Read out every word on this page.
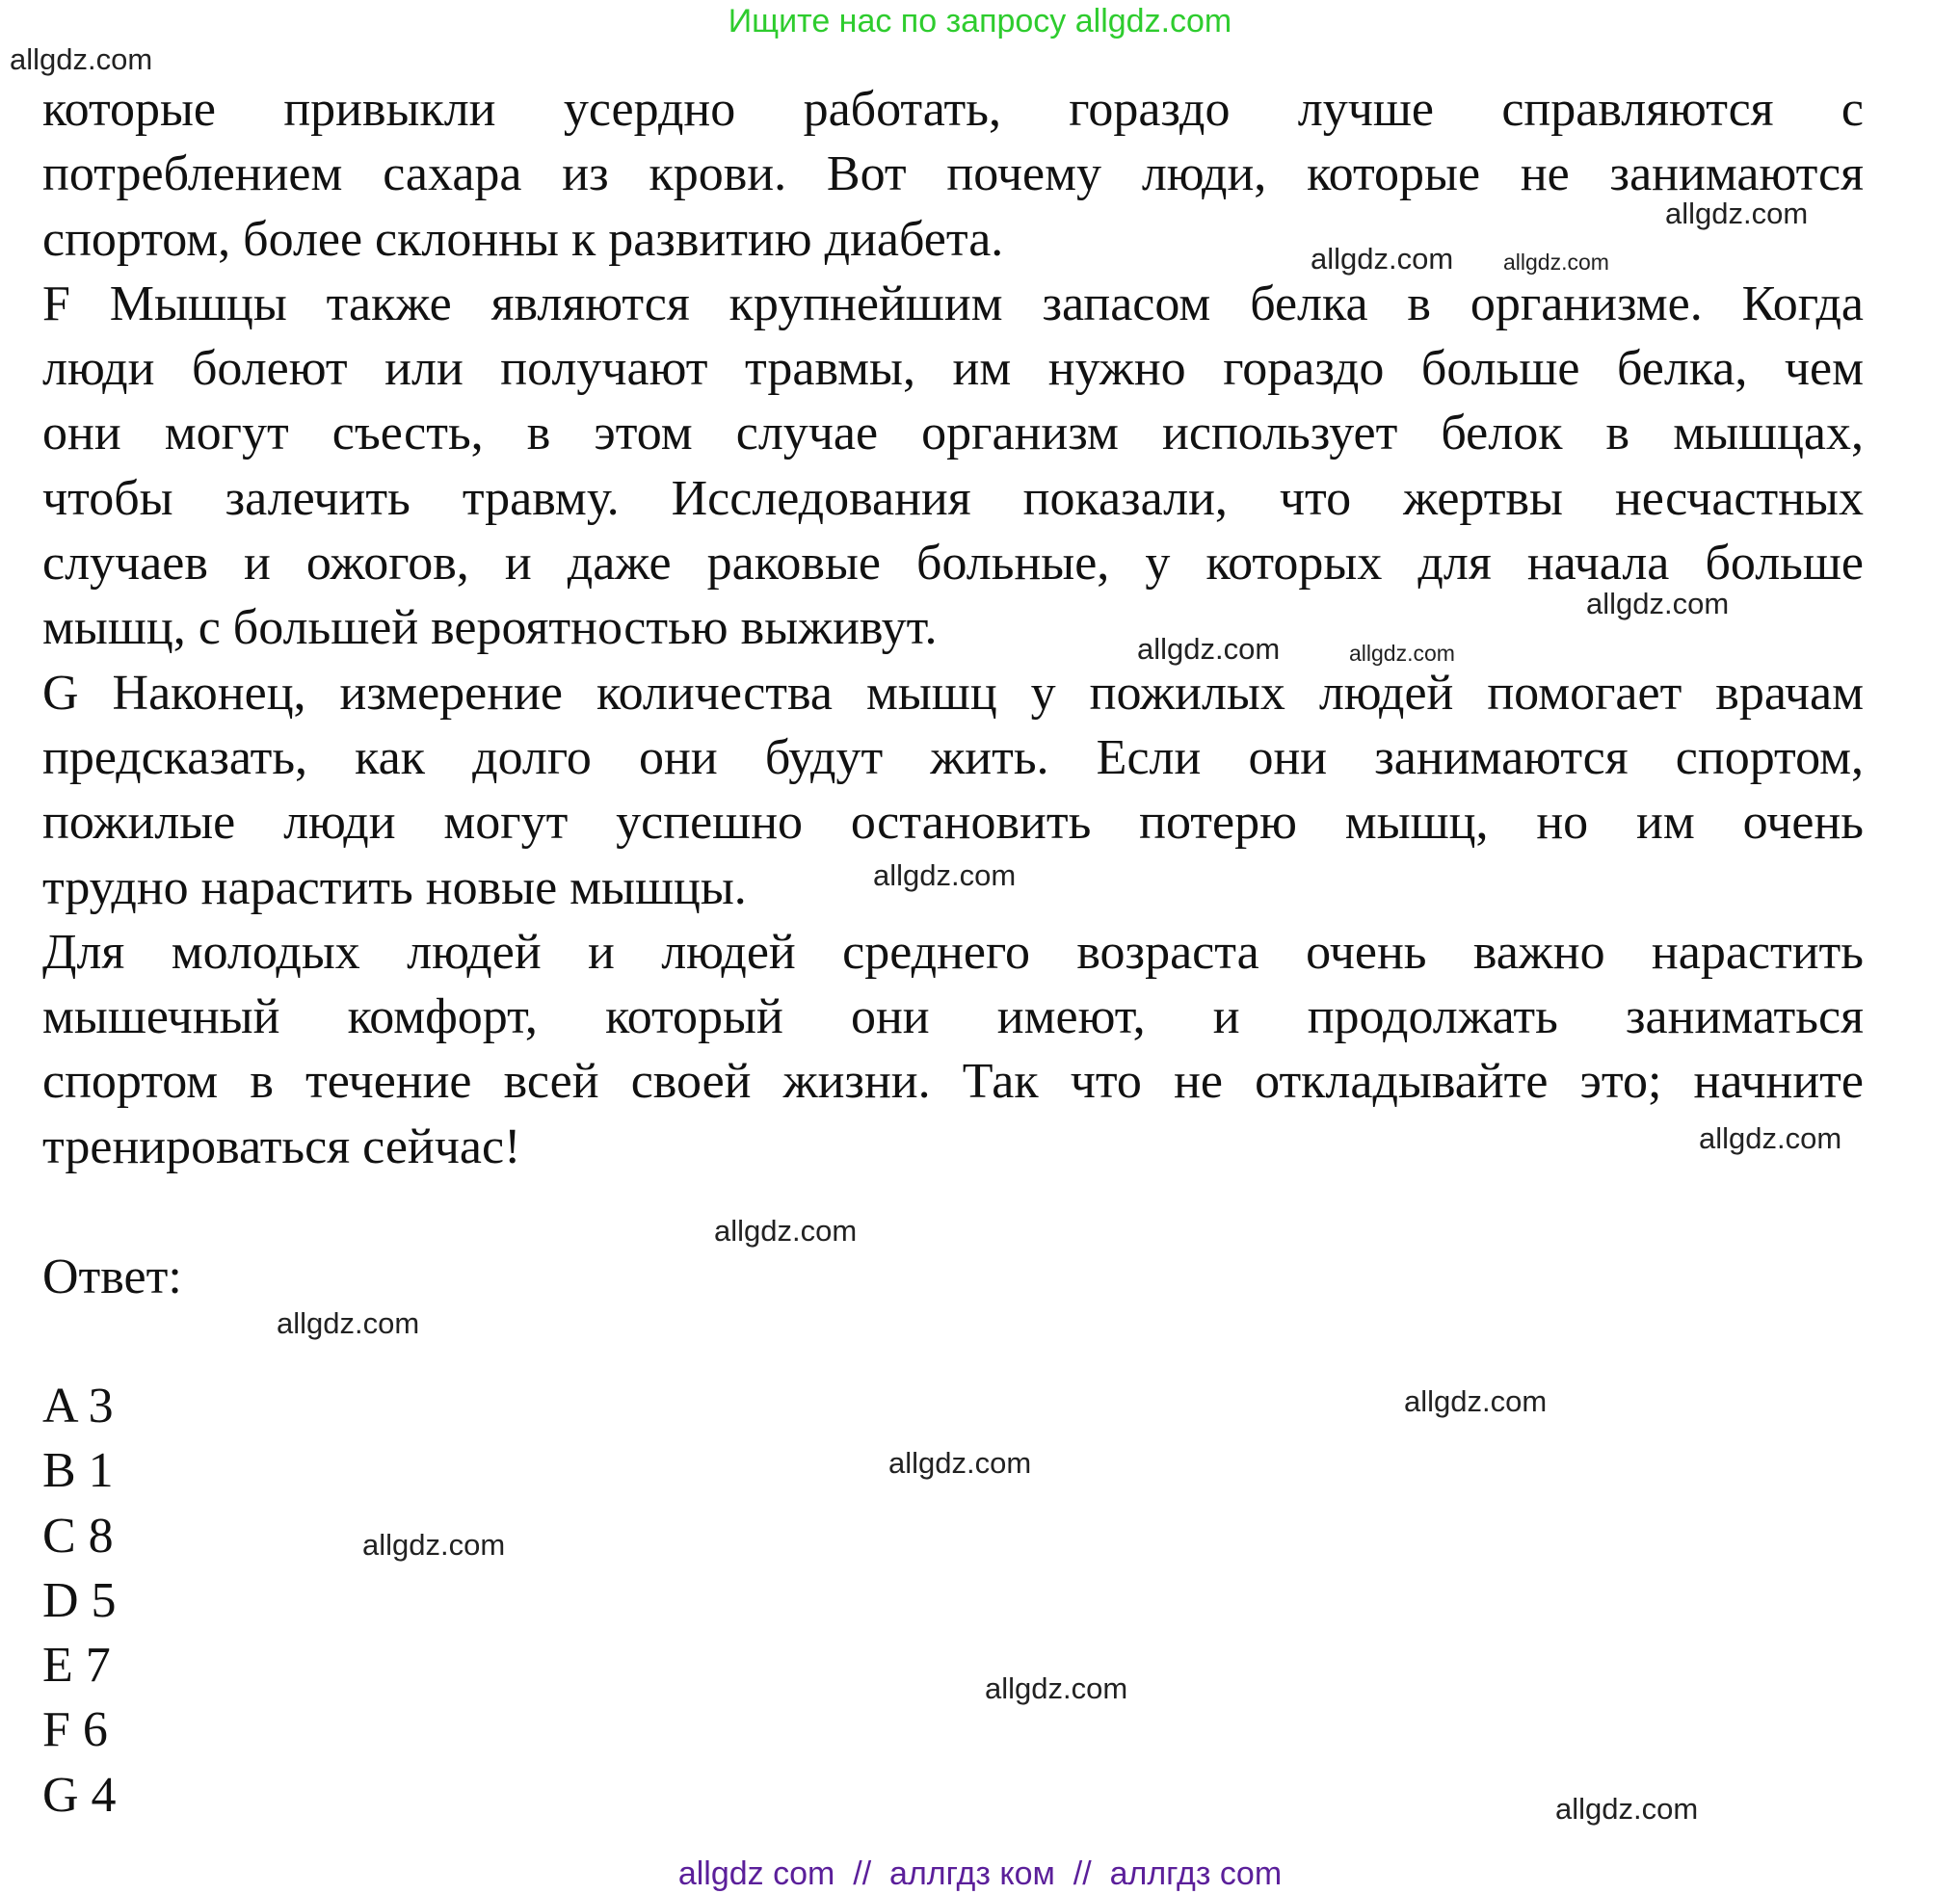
Ищите нас по запросу allgdz.com
которые привыкли усердно работать, гораздо лучше справляются с
потреблением сахара из крови. Вот почему люди, которые не занимаются
спортом, более склонны к развитию диабета.
F Мышцы также являются крупнейшим запасом белка в организме. Когда
люди болеют или получают травмы, им нужно гораздо больше белка, чем
они могут съесть, в этом случае организм использует белок в мышцах,
чтобы залечить травму. Исследования показали, что жертвы несчастных
случаев и ожогов, и даже раковые больные, у которых для начала больше
мышц, с большей вероятностью выживут.
G Наконец, измерение количества мышц у пожилых людей помогает врачам
предсказать, как долго они будут жить. Если они занимаются спортом,
пожилые люди могут успешно остановить потерю мышц, но им очень
трудно нарастить новые мышцы.
Для молодых людей и людей среднего возраста очень важно нарастить
мышечный комфорт, который они имеют, и продолжать заниматься
спортом в течение всей своей жизни. Так что не откладывайте это; начните
тренироваться сейчас!
Ответ:
A 3
B 1
C 8
D 5
E 7
F 6
G 4
allgdz.com
allgdz.com
allgdz.com allgdz.com
allgdz.com
allgdz.com
allgdz.com
allgdz.com
allgdz.com
allgdz.com
allgdz.com
allgdz.com
allgdz.com
allgdz.com
allgdz.com
allgdz.com
allgdz com  //  аллгдз ком  //  аллгдз com
